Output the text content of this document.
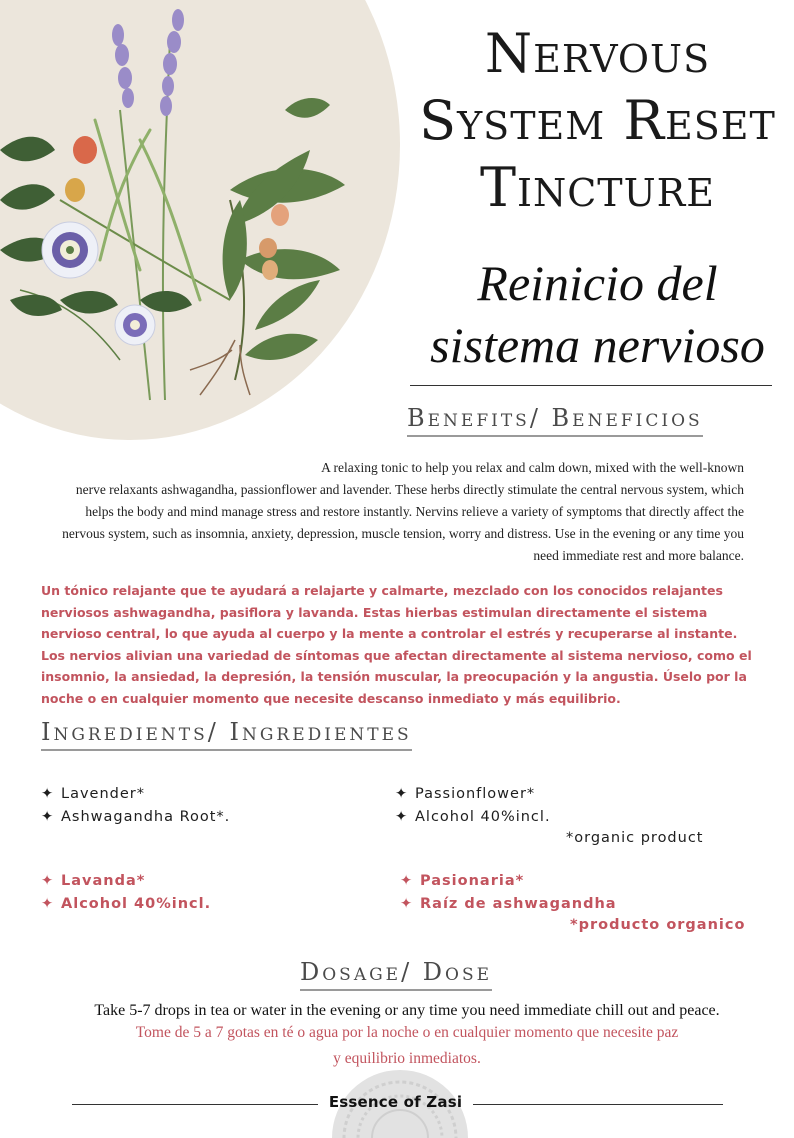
Nervous
System Reset
Tincture
Reinicio del
sistema nervioso
Benefits/ Beneficios
A relaxing tonic to help you relax and calm down, mixed with the well-known
nerve relaxants ashwagandha, passionflower and lavender. These herbs directly stimulate the central nervous system, which
helps the body and mind manage stress and restore instantly. Nervins relieve a variety of symptoms that directly affect the
nervous system, such as insomnia, anxiety, depression, muscle tension, worry and distress. Use in the evening or any time you
need immediate rest and more balance.

Un tónico relajante que te ayudará a relajarte y calmarte, mezclado con los conocidos relajantes nerviosos ashwagandha, pasiflora y lavanda. Estas hierbas estimulan directamente el sistema nervioso central, lo que ayuda al cuerpo y la mente a controlar el estrés y recuperarse al instante.

Los nervios alivian una variedad de síntomas que afectan directamente al sistema nervioso, como el insomnio, la ansiedad, la depresión, la tensión muscular, la preocupación y la angustia. Úselo por la noche o en cualquier momento que necesite descanso inmediato y más equilibrio.

Ingredients/ Ingredientes
✦ Lavender*
✦ Ashwagandha Root*.
✦ Passionflower*
✦ Alcohol 40%incl.
*organic product
✦ Lavanda*
✦ Alcohol 40%incl.
✦ Pasionaria*
✦ Raíz de ashwagandha
*producto organico
Dosage/ Dose
Take 5-7 drops in tea or water in the evening or any time you need immediate chill out and peace.
Tome de 5 a 7 gotas en té o agua por la noche o en cualquier momento que necesite paz
y equilibrio inmediatos.
Essence of Zasi
